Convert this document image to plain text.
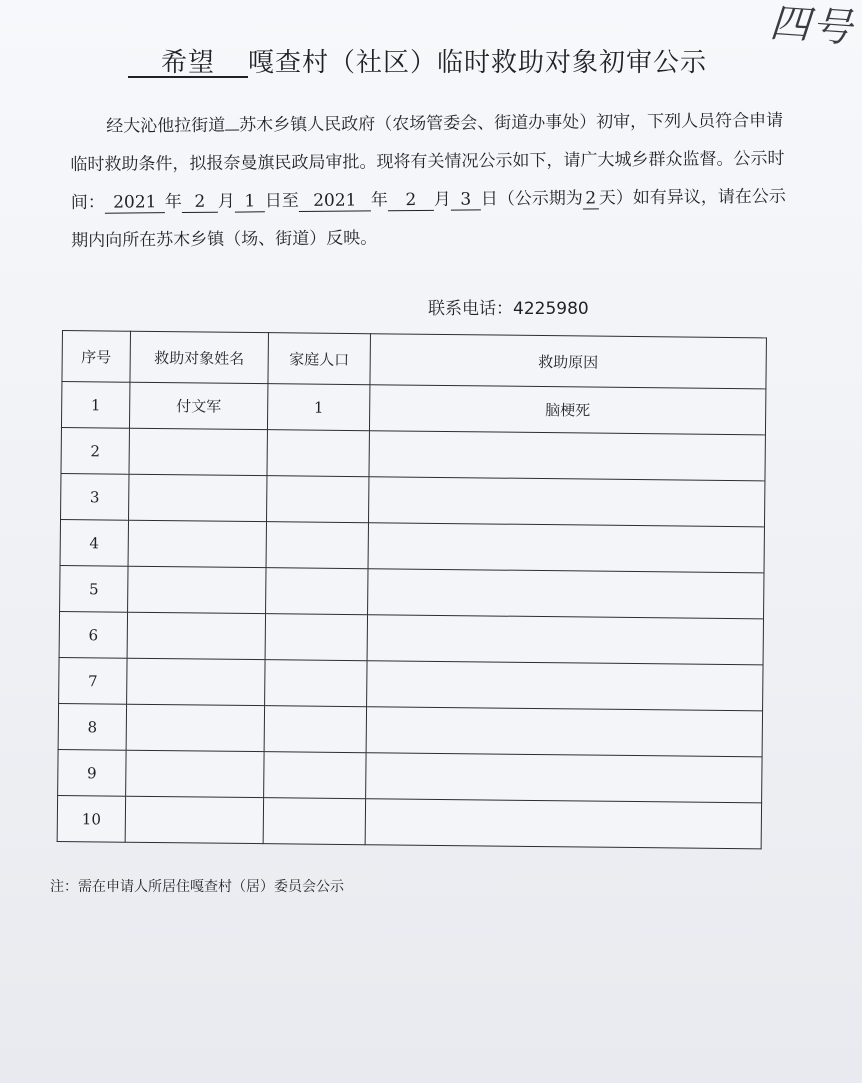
四号
希望 嘎查村（社区）临时救助对象初审公示
经大沁他拉街道 苏木乡镇人民政府（农场管委会、街道办事处）初审，下列人员符合申请临时救助条件，拟报奈曼旗民政局审批。现将有关情况公示如下，请广大城乡群众监督。公示时间： 2021 年 2 月 1 日至 2021 年 2 月 3 日（公示期为 2 天）如有异议，请在公示期内向所在苏木乡镇（场、街道）反映。
联系电话：4225980
序号	救助对象姓名	家庭人口	救助原因
1	付文军	1	脑梗死
2			
3			
4			
5			
6			
7			
8			
9			
10			
注：需在申请人所居住嘎查村（居）委员会公示
